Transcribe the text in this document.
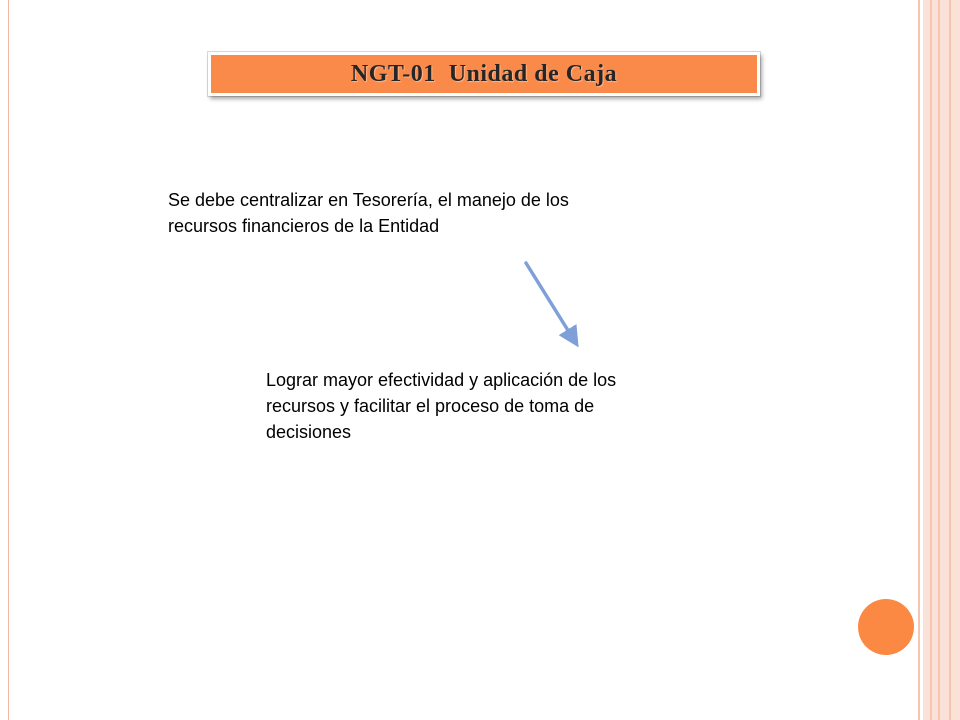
NGT-01  Unidad de Caja

Se debe centralizar en Tesorería, el manejo de los
recursos financieros de la Entidad

Lograr mayor efectividad y aplicación de los
recursos y facilitar el proceso de toma de
decisiones
